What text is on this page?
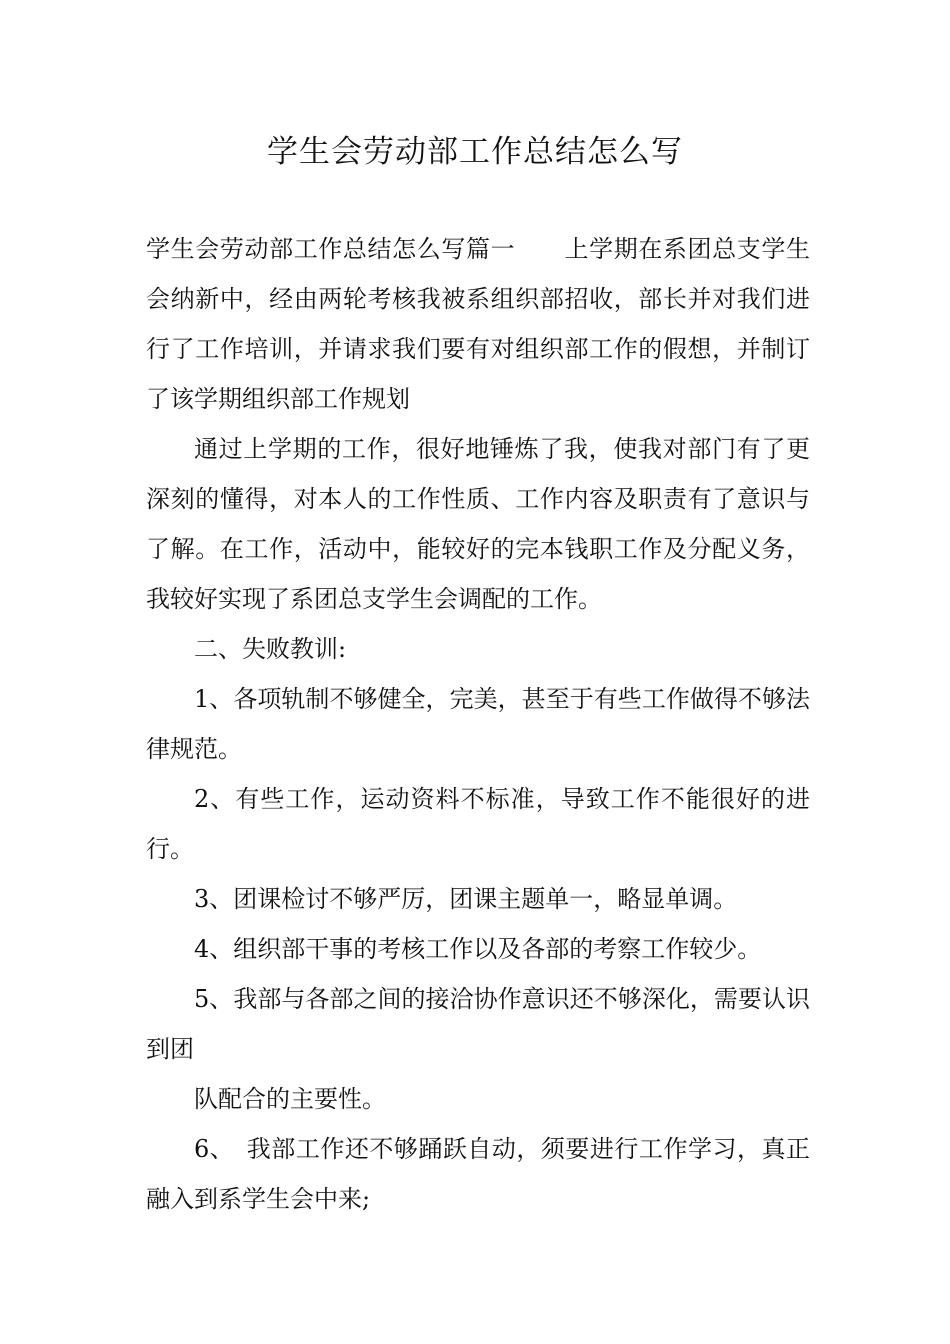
学生会劳动部工作总结怎么写

学生会劳动部工作总结怎么写篇一　　上学期在系团总支学生会纳新中，经由两轮考核我被系组织部招收，部长并对我们进行了工作培训，并请求我们要有对组织部工作的假想，并制订了该学期组织部工作规划

通过上学期的工作，很好地锤炼了我，使我对部门有了更深刻的懂得，对本人的工作性质、工作内容及职责有了意识与了解。在工作，活动中，能较好的完本钱职工作及分配义务，我较好实现了系团总支学生会调配的工作。

二、失败教训:

1、各项轨制不够健全，完美，甚至于有些工作做得不够法律规范。

2、有些工作，运动资料不标准，导致工作不能很好的进行。

3、团课检讨不够严厉，团课主题单一，略显单调。

4、组织部干事的考核工作以及各部的考察工作较少。

5、我部与各部之间的接洽协作意识还不够深化，需要认识到团

队配合的主要性。

6、　我部工作还不够踊跃自动，须要进行工作学习，真正融入到系学生会中来;
